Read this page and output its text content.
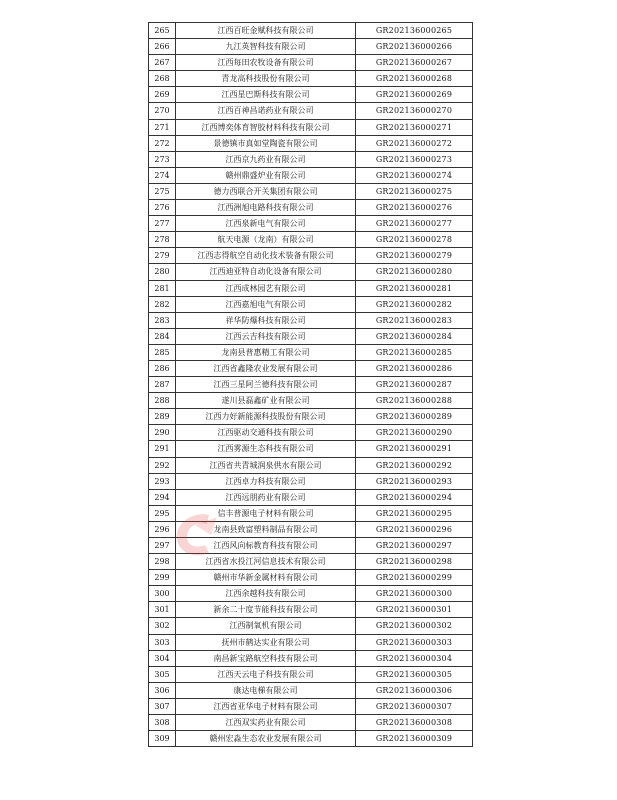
265	江西百旺金赋科技有限公司	GR202136000265
266	九江英智科技有限公司	GR202136000266
267	江西每田农牧设备有限公司	GR202136000267
268	青龙高科技股份有限公司	GR202136000268
269	江西星巴斯科技有限公司	GR202136000269
270	江西百神昌诺药业有限公司	GR202136000270
271	江西博奕体育智胶材料科技有限公司	GR202136000271
272	景德镇市真如堂陶瓷有限公司	GR202136000272
273	江西京九药业有限公司	GR202136000273
274	赣州鼎盛炉业有限公司	GR202136000274
275	德力西联合开关集团有限公司	GR202136000275
276	江西洲旭电路科技有限公司	GR202136000276
277	江西泉新电气有限公司	GR202136000277
278	航天电源（龙南）有限公司	GR202136000278
279	江西志得航空自动化技术装备有限公司	GR202136000279
280	江西迪亚特自动化设备有限公司	GR202136000280
281	江西成林园艺有限公司	GR202136000281
282	江西嘉旭电气有限公司	GR202136000282
283	祥华防爆科技有限公司	GR202136000283
284	江西云吉科技有限公司	GR202136000284
285	龙南县普惠精工有限公司	GR202136000285
286	江西省鑫隆农业发展有限公司	GR202136000286
287	江西三星阿兰德科技有限公司	GR202136000287
288	遂川县磊鑫矿业有限公司	GR202136000288
289	江西力好新能源科技股份有限公司	GR202136000289
290	江西驱动交通科技有限公司	GR202136000290
291	江西雾源生态科技有限公司	GR202136000291
292	江西省共青城润泉供水有限公司	GR202136000292
293	江西卓力科技有限公司	GR202136000293
294	江西远朋药业有限公司	GR202136000294
295	信丰普源电子材料有限公司	GR202136000295
296	龙南县致富塑料制品有限公司	GR202136000296
297	江西风向标教育科技有限公司	GR202136000297
298	江西省水投江河信息技术有限公司	GR202136000298
299	赣州市华新金属材料有限公司	GR202136000299
300	江西余越科技有限公司	GR202136000300
301	新余二十度节能科技有限公司	GR202136000301
302	江西制氧机有限公司	GR202136000302
303	抚州市鹤达实业有限公司	GR202136000303
304	南昌新宝路航空科技有限公司	GR202136000304
305	江西天云电子科技有限公司	GR202136000305
306	康达电梯有限公司	GR202136000306
307	江西省亚华电子材料有限公司	GR202136000307
308	江西双实药业有限公司	GR202136000308
309	赣州宏淼生态农业发展有限公司	GR202136000309
